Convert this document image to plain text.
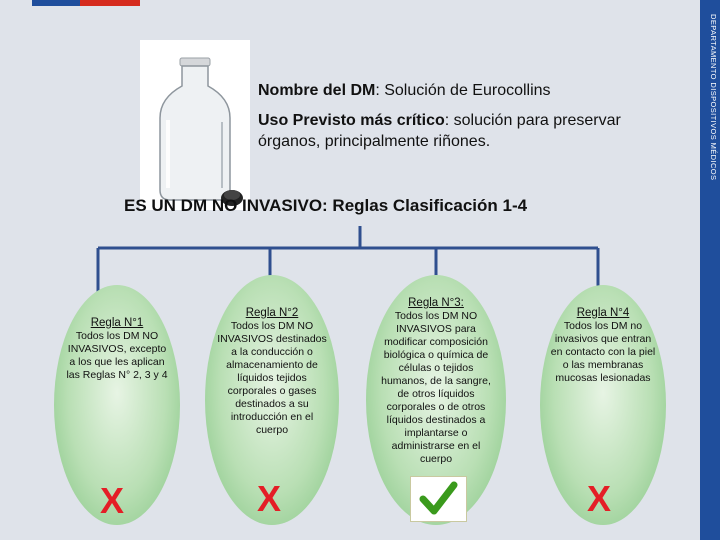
DEPARTAMENTO DISPOSITIVOS MÉDICOS
Nombre del DM: Solución de Eurocollins
Uso Previsto más crítico: solución para preservar órganos, principalmente riñones.
ES UN DM NO INVASIVO: Reglas Clasificación 1-4
Regla N°1
Todos los DM NO INVASIVOS, excepto a los que les aplican las Reglas N° 2, 3 y 4
Regla N°2
Todos los DM NO INVASIVOS destinados a la conducción o almacenamiento de líquidos tejidos corporales o gases destinados a su introducción en el cuerpo
Regla N°3:
Todos los DM NO INVASIVOS para modificar composición biológica o química de células o tejidos humanos, de la sangre, de otros líquidos corporales o de otros líquidos destinados a implantarse o administrarse en el cuerpo
Regla N°4
Todos los DM no invasivos que entran en contacto con la piel o las membranas mucosas lesionadas
X	X	X
